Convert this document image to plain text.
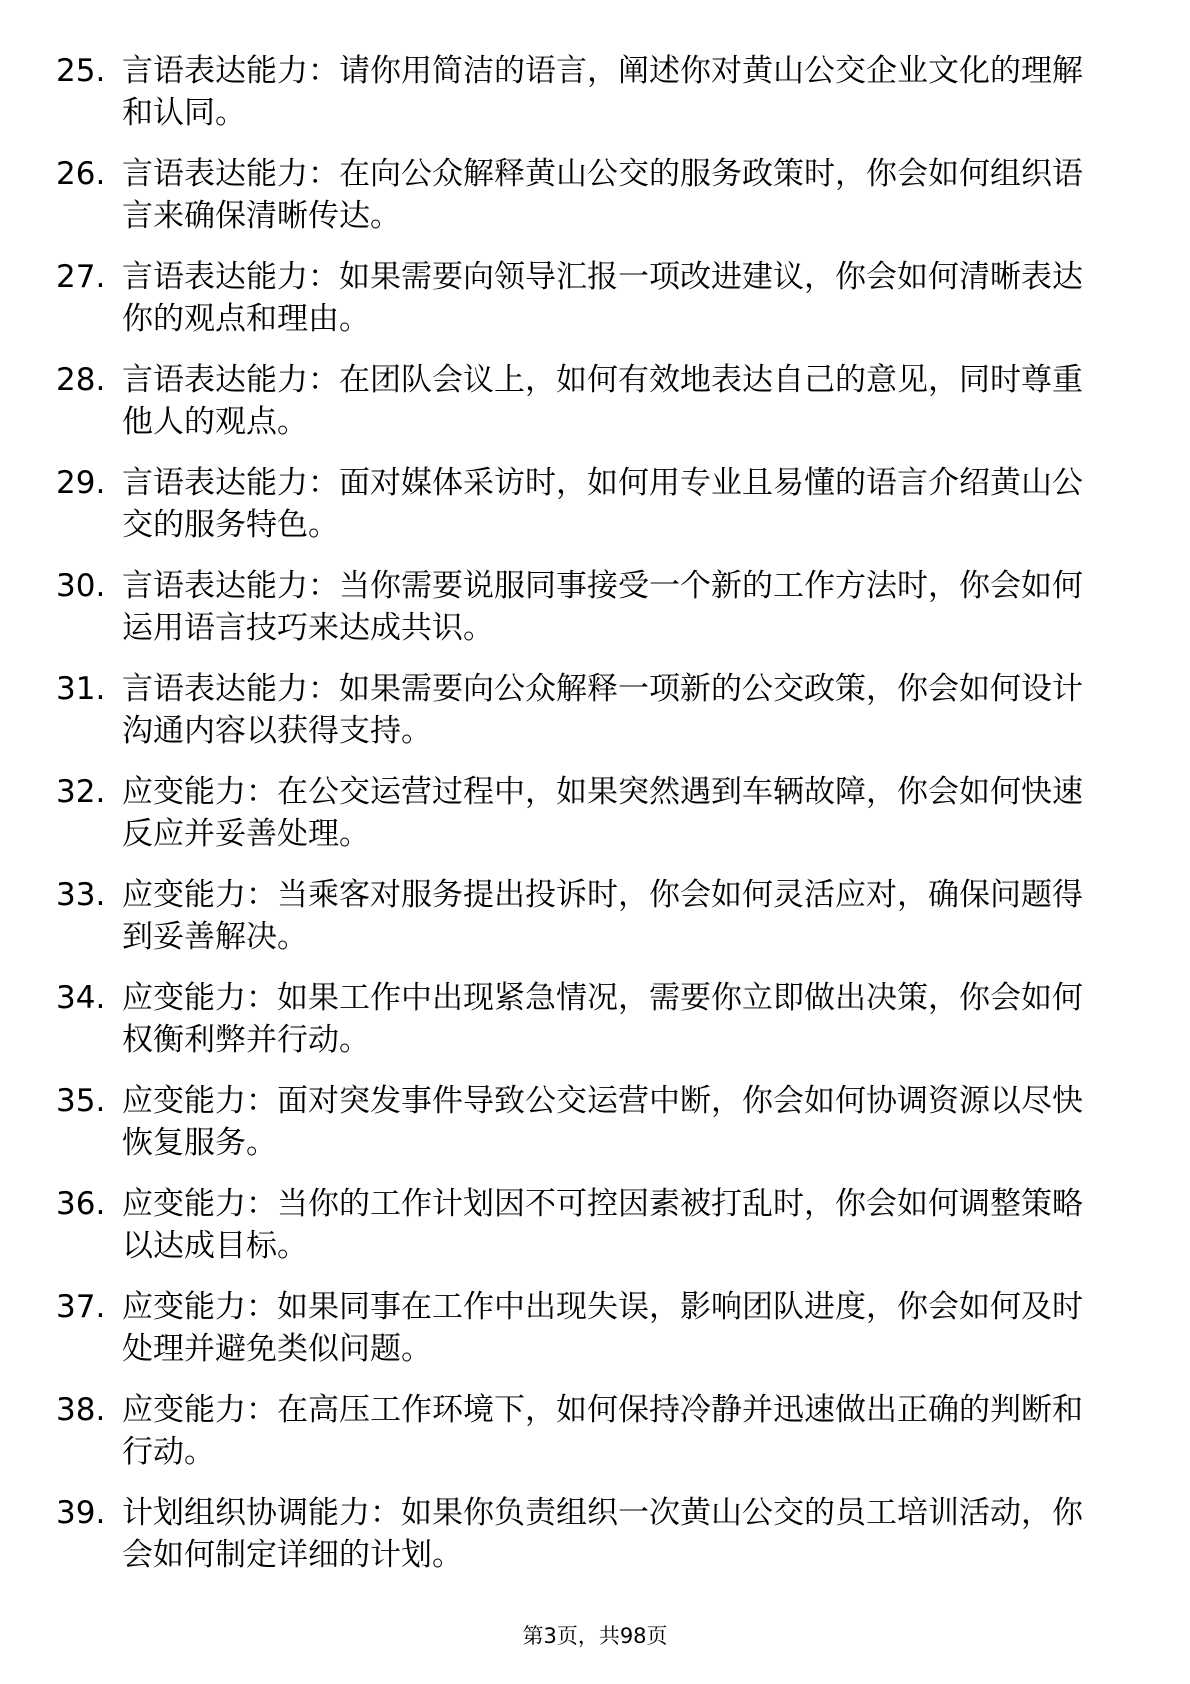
25. 言语表达能力：请你用简洁的语言，阐述你对黄山公交企业文化的理解和认同。
26. 言语表达能力：在向公众解释黄山公交的服务政策时，你会如何组织语言来确保清晰传达。
27. 言语表达能力：如果需要向领导汇报一项改进建议，你会如何清晰表达你的观点和理由。
28. 言语表达能力：在团队会议上，如何有效地表达自己的意见，同时尊重他人的观点。
29. 言语表达能力：面对媒体采访时，如何用专业且易懂的语言介绍黄山公交的服务特色。
30. 言语表达能力：当你需要说服同事接受一个新的工作方法时，你会如何运用语言技巧来达成共识。
31. 言语表达能力：如果需要向公众解释一项新的公交政策，你会如何设计沟通内容以获得支持。
32. 应变能力：在公交运营过程中，如果突然遇到车辆故障，你会如何快速反应并妥善处理。
33. 应变能力：当乘客对服务提出投诉时，你会如何灵活应对，确保问题得到妥善解决。
34. 应变能力：如果工作中出现紧急情况，需要你立即做出决策，你会如何权衡利弊并行动。
35. 应变能力：面对突发事件导致公交运营中断，你会如何协调资源以尽快恢复服务。
36. 应变能力：当你的工作计划因不可控因素被打乱时，你会如何调整策略以达成目标。
37. 应变能力：如果同事在工作中出现失误，影响团队进度，你会如何及时处理并避免类似问题。
38. 应变能力：在高压工作环境下，如何保持冷静并迅速做出正确的判断和行动。
39. 计划组织协调能力：如果你负责组织一次黄山公交的员工培训活动，你会如何制定详细的计划。
第3页，共98页
